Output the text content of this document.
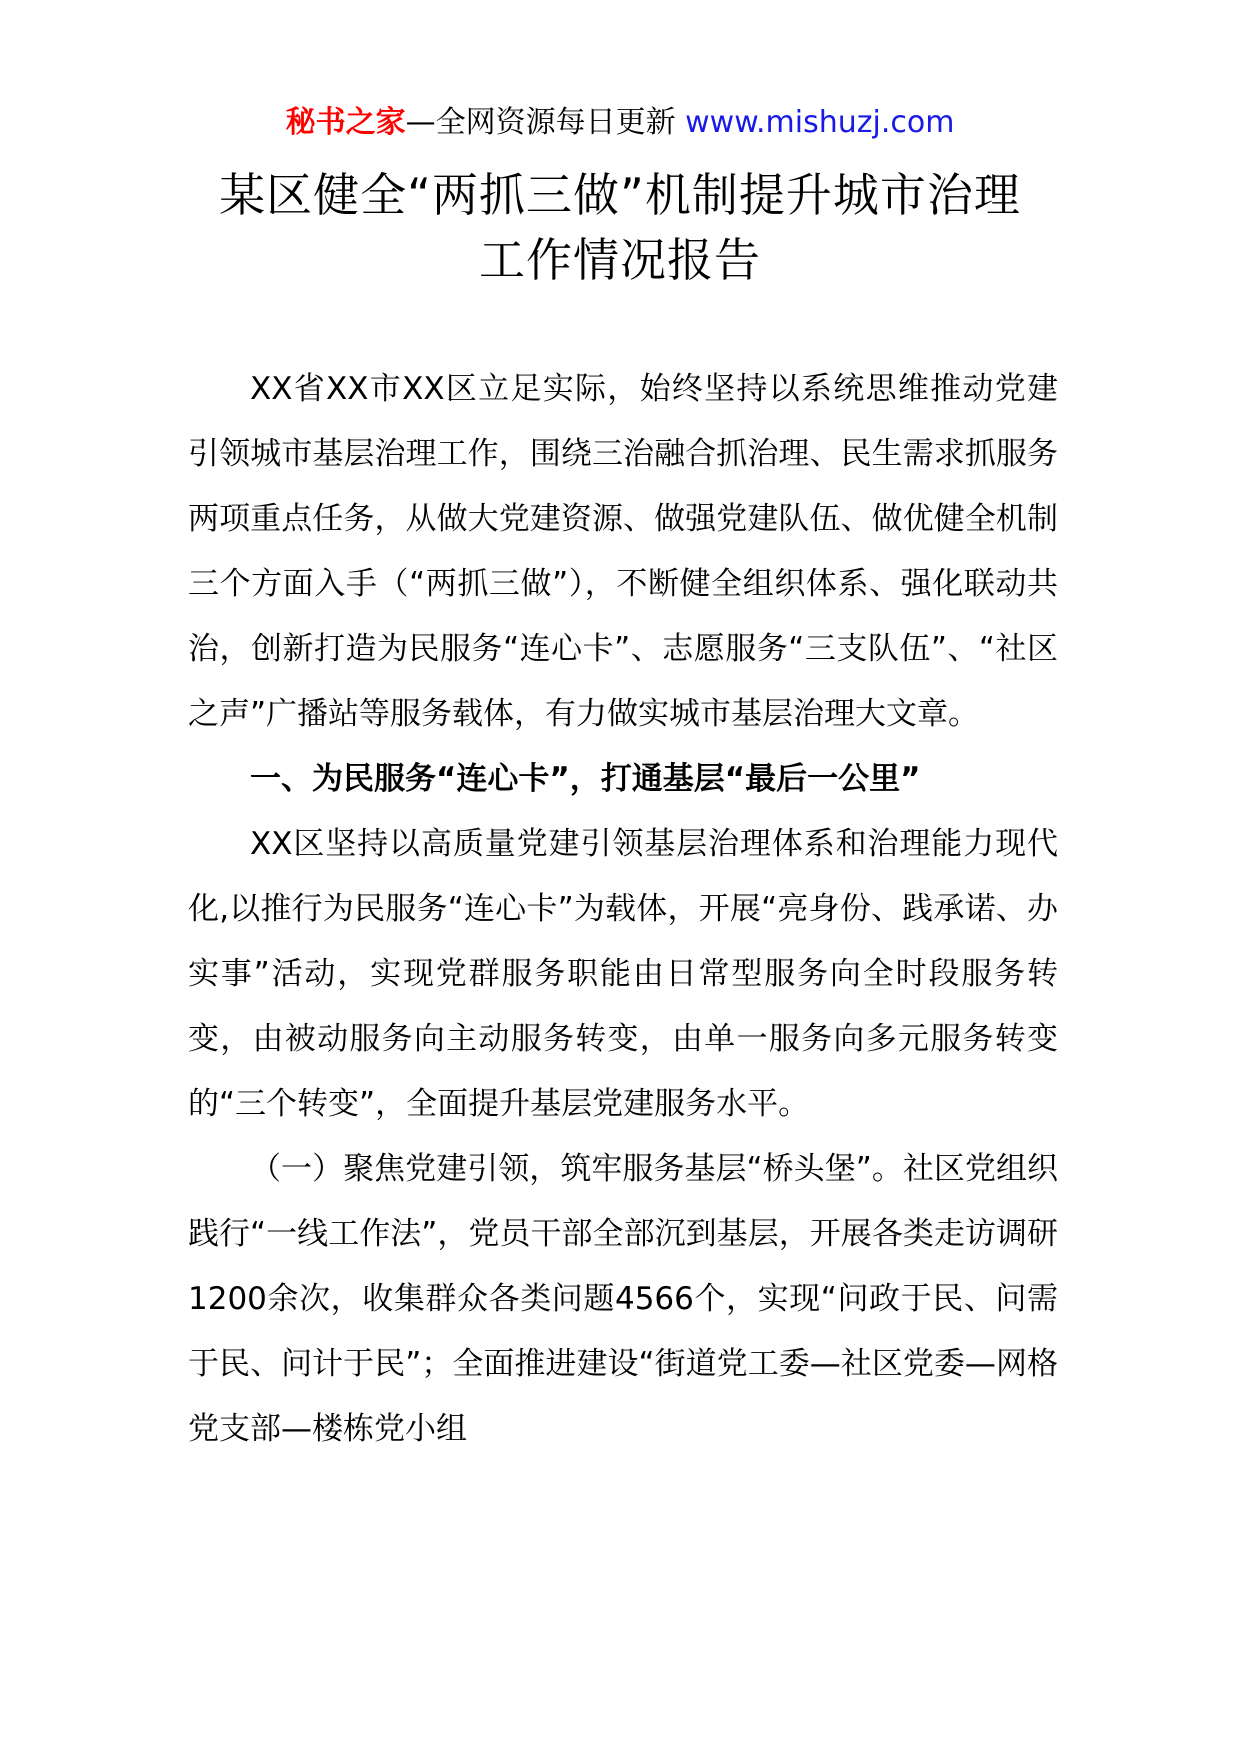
秘书之家—全网资源每日更新 www.mishuzj.com
某区健全“两抓三做”机制提升城市治理
工作情况报告

XX省XX市XX区立足实际，始终坚持以系统思维推动党建引领城市基层治理工作，围绕三治融合抓治理、民生需求抓服务两项重点任务，从做大党建资源、做强党建队伍、做优健全机制三个方面入手（“两抓三做”），不断健全组织体系、强化联动共治，创新打造为民服务“连心卡”、志愿服务“三支队伍”、“社区之声”广播站等服务载体，有力做实城市基层治理大文章。

一、为民服务“连心卡”，打通基层“最后一公里”

XX区坚持以高质量党建引领基层治理体系和治理能力现代化,以推行为民服务“连心卡”为载体，开展“亮身份、践承诺、办实事”活动，实现党群服务职能由日常型服务向全时段服务转变，由被动服务向主动服务转变，由单一服务向多元服务转变的“三个转变”，全面提升基层党建服务水平。

（一）聚焦党建引领，筑牢服务基层“桥头堡”。社区党组织践行“一线工作法”，党员干部全部沉到基层，开展各类走访调研1200余次，收集群众各类问题4566个，实现“问政于民、问需于民、问计于民”；全面推进建设“街道党工委—社区党委—网格党支部—楼栋党小组
